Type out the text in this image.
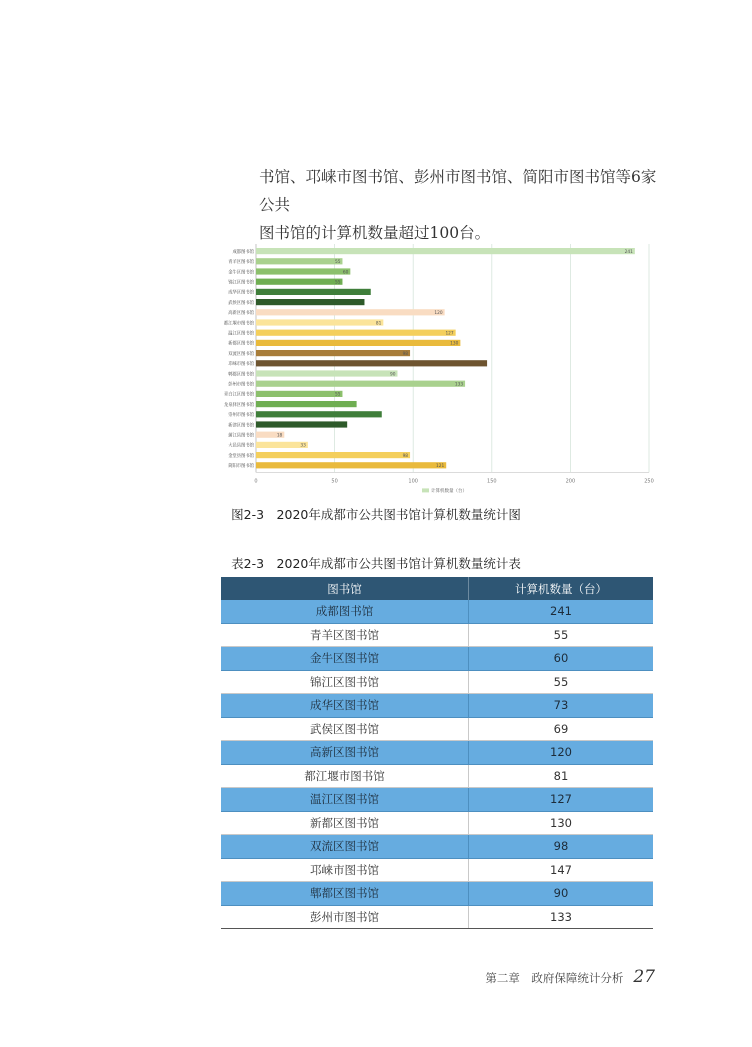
书馆、邛崃市图书馆、彭州市图书馆、简阳市图书馆等6家公共

图书馆的计算机数量超过100台。

0	50	100	150	200	250
成都图书馆	241
青羊区图书馆	55
金牛区图书馆	60
锦江区图书馆	55
成华区图书馆
武侯区图书馆
高新区图书馆	120
都江堰市图书馆	81
温江区图书馆	127
新都区图书馆	130
双流区图书馆	98
邛崃市图书馆
郫都区图书馆	90
彭州市图书馆	133
青白江区图书馆	55
龙泉驿区图书馆
崇州市图书馆
新津区图书馆
蒲江县图书馆	18
大邑县图书馆	33
金堂县图书馆	98
简阳市图书馆	121
计算机数量（台）
图2-3　2020年成都市公共图书馆计算机数量统计图
表2-3　2020年成都市公共图书馆计算机数量统计表
图书馆	计算机数量（台）
成都图书馆	241
青羊区图书馆	55
金牛区图书馆	60
锦江区图书馆	55
成华区图书馆	73
武侯区图书馆	69
高新区图书馆	120
都江堰市图书馆	81
温江区图书馆	127
新都区图书馆	130
双流区图书馆	98
邛崃市图书馆	147
郫都区图书馆	90
彭州市图书馆	133
第二章　政府保障统计分析 27
